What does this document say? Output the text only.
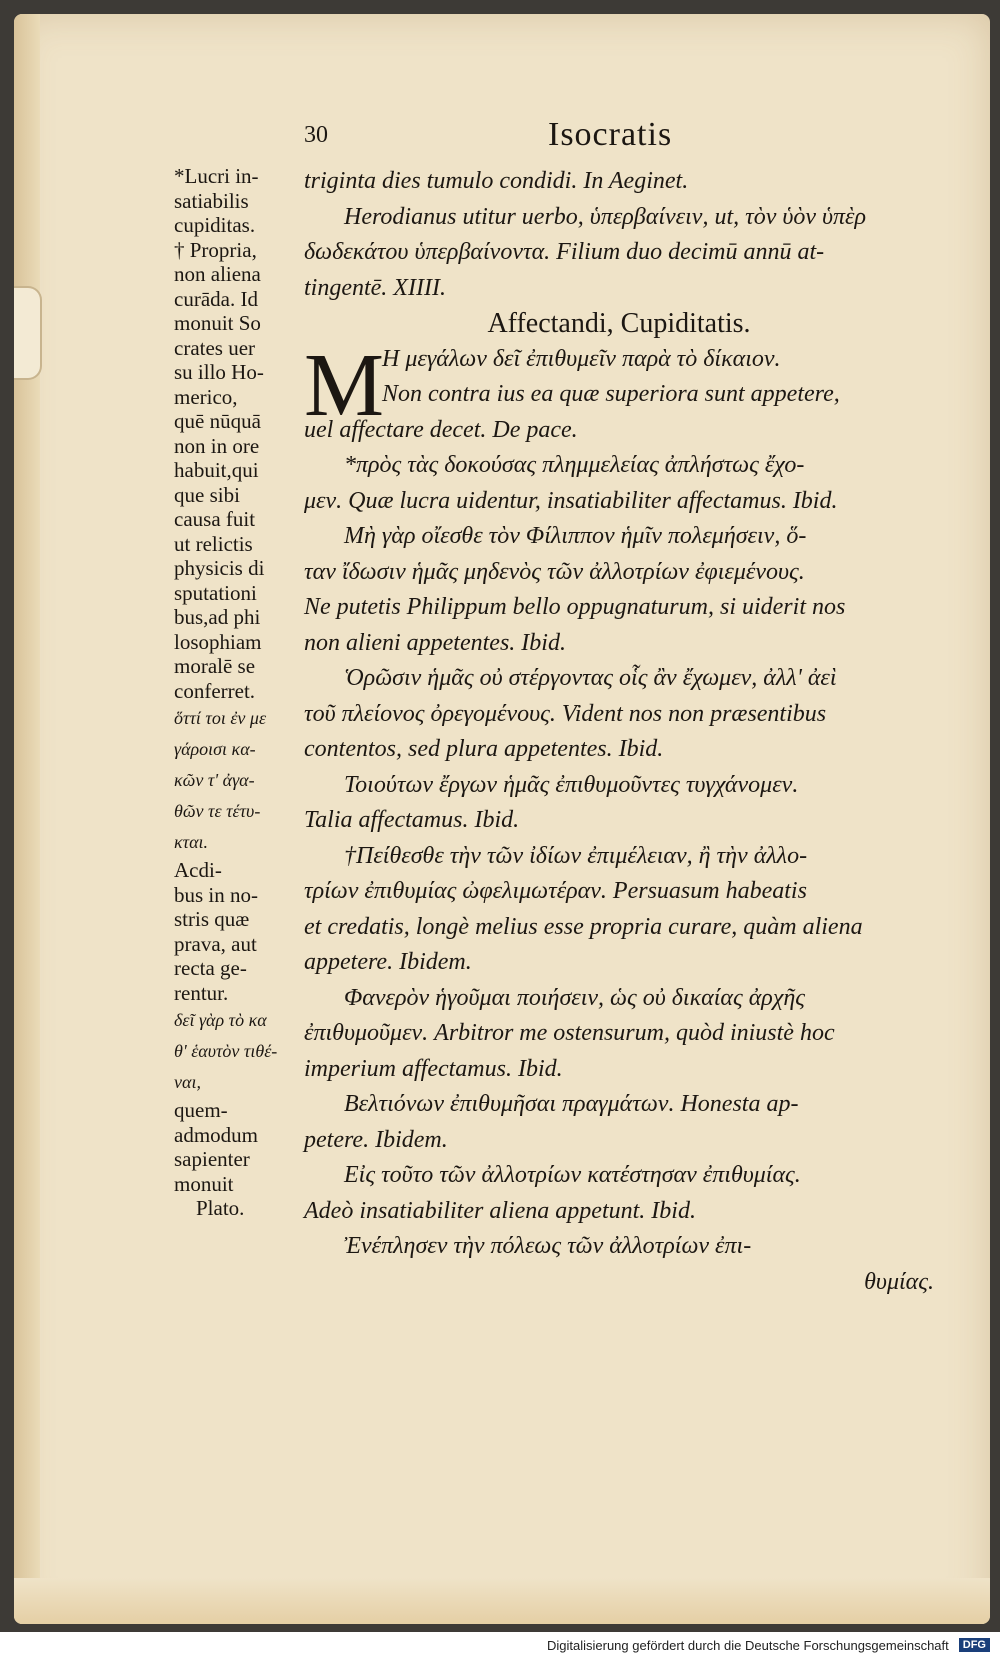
30	Isocratis

*Lucri in-
satiabilis
cupiditas.

† Propria,
non aliena
curāda. Id
monuit So
crates uer
su illo Ho-
merico,
quē nūquā
non in ore
habuit,qui
que sibi
causa fuit
ut relictis
physicis di
sputationi
bus,ad phi
losophiam
moralē se
conferret.

ὅττί τοι ἐν με
γάροισι κα-
κῶν τ' ἀγα-
θῶν τε τέτυ-
κται.

Acdi-
bus in no-
stris quæ
prava, aut
recta ge-
rentur.

δεῖ γὰρ τὸ κα
θ' ἑαυτὸν τιθέ-
ναι,

quem-
admodum
sapienter
monuit

Plato.

triginta dies tumulo condidi. In Aeginet.

Herodianus utitur uerbo, ὑπερβαίνειν, ut, τὸν ὑὸν ὑπὲρ

δωδεκάτου ὑπερβαίνοντα. Filium duo decimū annū at-

tingentē. XIIII.

Affectandi, Cupiditatis.

M

Η μεγάλων δεῖ ἐπιθυμεῖν παρὰ τὸ δίκαιον.

Non contra ius ea quæ superiora sunt appetere,

uel affectare decet. De pace.

*πρὸς τὰς δοκούσας πλημμελείας ἀπλήστως ἔχο-

μεν. Quæ lucra uidentur, insatiabiliter affectamus. Ibid.

Μὴ γὰρ οἴεσθε τὸν Φίλιππον ἡμῖν πολεμήσειν, ὅ-

ταν ἴδωσιν ἡμᾶς μηδενὸς τῶν ἀλλοτρίων ἐφιεμένους.

Ne putetis Philippum bello oppugnaturum, si uiderit nos

non alieni appetentes. Ibid.

Ὁρῶσιν ἡμᾶς οὐ στέργοντας οἷς ἂν ἔχωμεν, ἀλλ' ἀεὶ

τοῦ πλείονος ὀρεγομένους. Vident nos non præsentibus

contentos, sed plura appetentes. Ibid.

Τοιούτων ἔργων ἡμᾶς ἐπιθυμοῦντες τυγχάνομεν.

Talia affectamus. Ibid.

†Πείθεσθε τὴν τῶν ἰδίων ἐπιμέλειαν, ἢ τὴν ἀλλο-

τρίων ἐπιθυμίας ὠφελιμωτέραν. Persuasum habeatis

et credatis, longè melius esse propria curare, quàm aliena

appetere. Ibidem.

Φανερὸν ἡγοῦμαι ποιήσειν, ὡς οὐ δικαίας ἀρχῆς

ἐπιθυμοῦμεν. Arbitror me ostensurum, quòd iniustè hoc

imperium affectamus. Ibid.

Βελτιόνων ἐπιθυμῆσαι πραγμάτων. Honesta ap-

petere. Ibidem.

Εἰς τοῦτο τῶν ἀλλοτρίων κατέστησαν ἐπιθυμίας.

Adeò insatiabiliter aliena appetunt. Ibid.

Ἐνέπλησεν τὴν πόλεως τῶν ἀλλοτρίων ἐπι-

θυμίας.

Digitalisierung gefördert durch die Deutsche Forschungsgemeinschaft DFG
